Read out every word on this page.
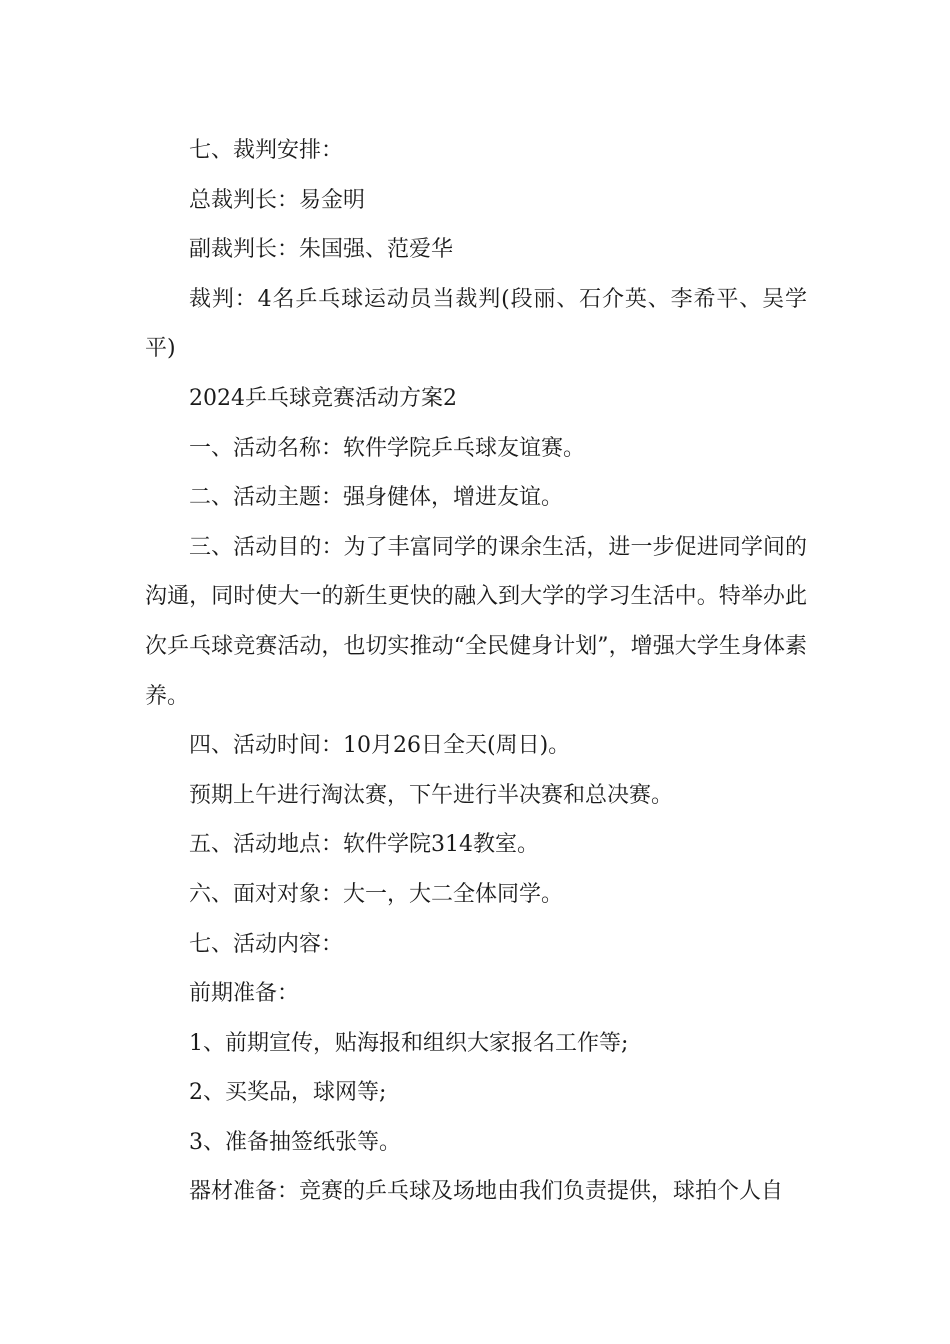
七、裁判安排：

总裁判长：易金明

副裁判长：朱国强、范爱华

裁判：4名乒乓球运动员当裁判(段丽、石介英、李希平、吴学平)

2024乒乓球竞赛活动方案2

一、活动名称：软件学院乒乓球友谊赛。

二、活动主题：强身健体，增进友谊。

三、活动目的：为了丰富同学的课余生活，进一步促进同学间的沟通，同时使大一的新生更快的融入到大学的学习生活中。特举办此次乒乓球竞赛活动，也切实推动“全民健身计划”，增强大学生身体素养。

四、活动时间：10月26日全天(周日)。

预期上午进行淘汰赛，下午进行半决赛和总决赛。

五、活动地点：软件学院314教室。

六、面对对象：大一，大二全体同学。

七、活动内容：

前期准备：

1、前期宣传，贴海报和组织大家报名工作等;

2、买奖品，球网等;

3、准备抽签纸张等。

器材准备：竞赛的乒乓球及场地由我们负责提供，球拍个人自
